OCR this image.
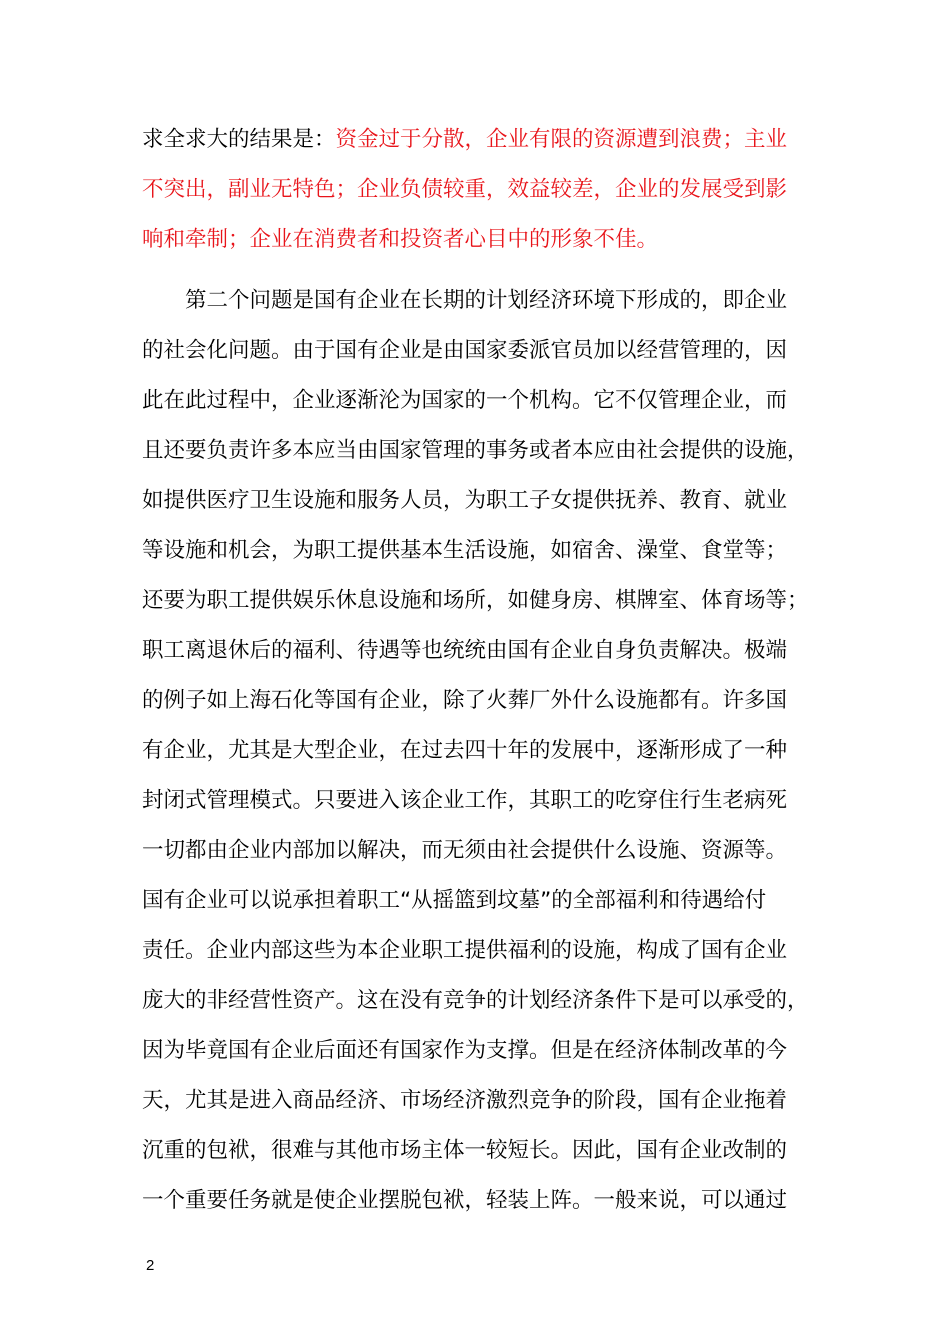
求全求大的结果是：资金过于分散，企业有限的资源遭到浪费；主业
不突出，副业无特色；企业负债较重，效益较差，企业的发展受到影
响和牵制；企业在消费者和投资者心目中的形象不佳。
　　第二个问题是国有企业在长期的计划经济环境下形成的，即企业
的社会化问题。由于国有企业是由国家委派官员加以经营管理的，因
此在此过程中，企业逐渐沦为国家的一个机构。它不仅管理企业，而
且还要负责许多本应当由国家管理的事务或者本应由社会提供的设施，
如提供医疗卫生设施和服务人员，为职工子女提供抚养、教育、就业
等设施和机会，为职工提供基本生活设施，如宿舍、澡堂、食堂等；
还要为职工提供娱乐休息设施和场所，如健身房、棋牌室、体育场等；
职工离退休后的福利、待遇等也统统由国有企业自身负责解决。极端
的例子如上海石化等国有企业，除了火葬厂外什么设施都有。许多国
有企业，尤其是大型企业，在过去四十年的发展中，逐渐形成了一种
封闭式管理模式。只要进入该企业工作，其职工的吃穿住行生老病死
一切都由企业内部加以解决，而无须由社会提供什么设施、资源等。
国有企业可以说承担着职工“从摇篮到坟墓”的全部福利和待遇给付
责任。企业内部这些为本企业职工提供福利的设施，构成了国有企业
庞大的非经营性资产。这在没有竞争的计划经济条件下是可以承受的，
因为毕竟国有企业后面还有国家作为支撑。但是在经济体制改革的今
天，尤其是进入商品经济、市场经济激烈竞争的阶段，国有企业拖着
沉重的包袱，很难与其他市场主体一较短长。因此，国有企业改制的
一个重要任务就是使企业摆脱包袱，轻装上阵。一般来说，可以通过
2
